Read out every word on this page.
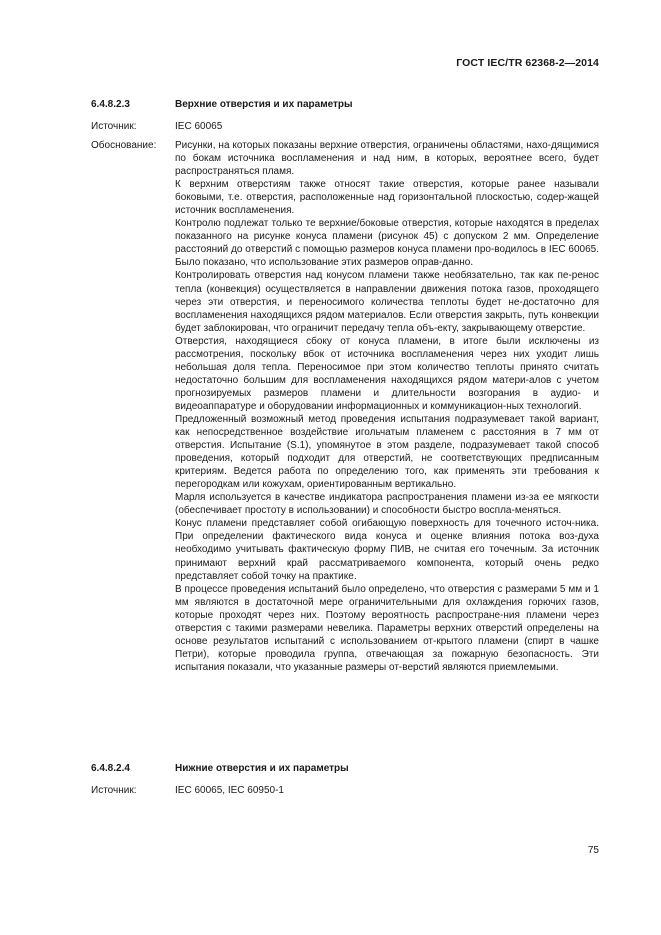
ГОСТ IEC/TR 62368-2—2014
6.4.8.2.3	Верхние отверстия и их параметры
Источник:	IEC 60065
Обоснование: Рисунки, на которых показаны верхние отверстия, ограничены областями, нахо-дящимися по бокам источника воспламенения и над ним, в которых, вероятнее всего, будет распространяться пламя.

К верхним отверстиям также относят такие отверстия, которые ранее называли боковыми, т.е. отверстия, расположенные над горизонтальной плоскостью, содер-жащей источник воспламенения.

Контролю подлежат только те верхние/боковые отверстия, которые находятся в пределах показанного на рисунке конуса пламени (рисунок 45) с допуском 2 мм. Определение расстояний до отверстий с помощью размеров конуса пламени про-водилось в IEC 60065. Было показано, что использование этих размеров оправ-данно.

Контролировать отверстия над конусом пламени также необязательно, так как пе-ренос тепла (конвекция) осуществляется в направлении движения потока газов, проходящего через эти отверстия, и переносимого количества теплоты будет не-достаточно для воспламенения находящихся рядом материалов. Если отверстия закрыть, путь конвекции будет заблокирован, что ограничит передачу тепла объ-екту, закрывающему отверстие.

Отверстия, находящиеся сбоку от конуса пламени, в итоге были исключены из рассмотрения, поскольку вбок от источника воспламенения через них уходит лишь небольшая доля тепла. Переносимое при этом количество теплоты принято считать недостаточно большим для воспламенения находящихся рядом матери-алов с учетом прогнозируемых размеров пламени и длительности возгорания в аудио- и видеоаппаратуре и оборудовании информационных и коммуникацион-ных технологий.

Предложенный возможный метод проведения испытания подразумевает такой вариант, как непосредственное воздействие игольчатым пламенем с расстояния в 7 мм от отверстия. Испытание (S.1), упомянутое в этом разделе, подразумевает такой способ проведения, который подходит для отверстий, не соответствующих предписанным критериям. Ведется работа по определению того, как применять эти требования к перегородкам или кожухам, ориентированным вертикально.

Марля используется в качестве индикатора распространения пламени из-за ее мягкости (обеспечивает простоту в использовании) и способности быстро воспла-меняться.

Конус пламени представляет собой огибающую поверхность для точечного источ-ника. При определении фактического вида конуса и оценке влияния потока воз-духа необходимо учитывать фактическую форму ПИВ, не считая его точечным. За источник принимают верхний край рассматриваемого компонента, который очень редко представляет собой точку на практике.

В процессе проведения испытаний было определено, что отверстия с размерами 5 мм и 1 мм являются в достаточной мере ограничительными для охлаждения горючих газов, которые проходят через них. Поэтому вероятность распростране-ния пламени через отверстия с такими размерами невелика. Параметры верхних отверстий определены на основе результатов испытаний с использованием от-крытого пламени (спирт в чашке Петри), которые проводила группа, отвечающая за пожарную безопасность. Эти испытания показали, что указанные размеры от-верстий являются приемлемыми.

6.4.8.2.4	Нижние отверстия и их параметры
Источник:	IEC 60065, IEC 60950-1
75
